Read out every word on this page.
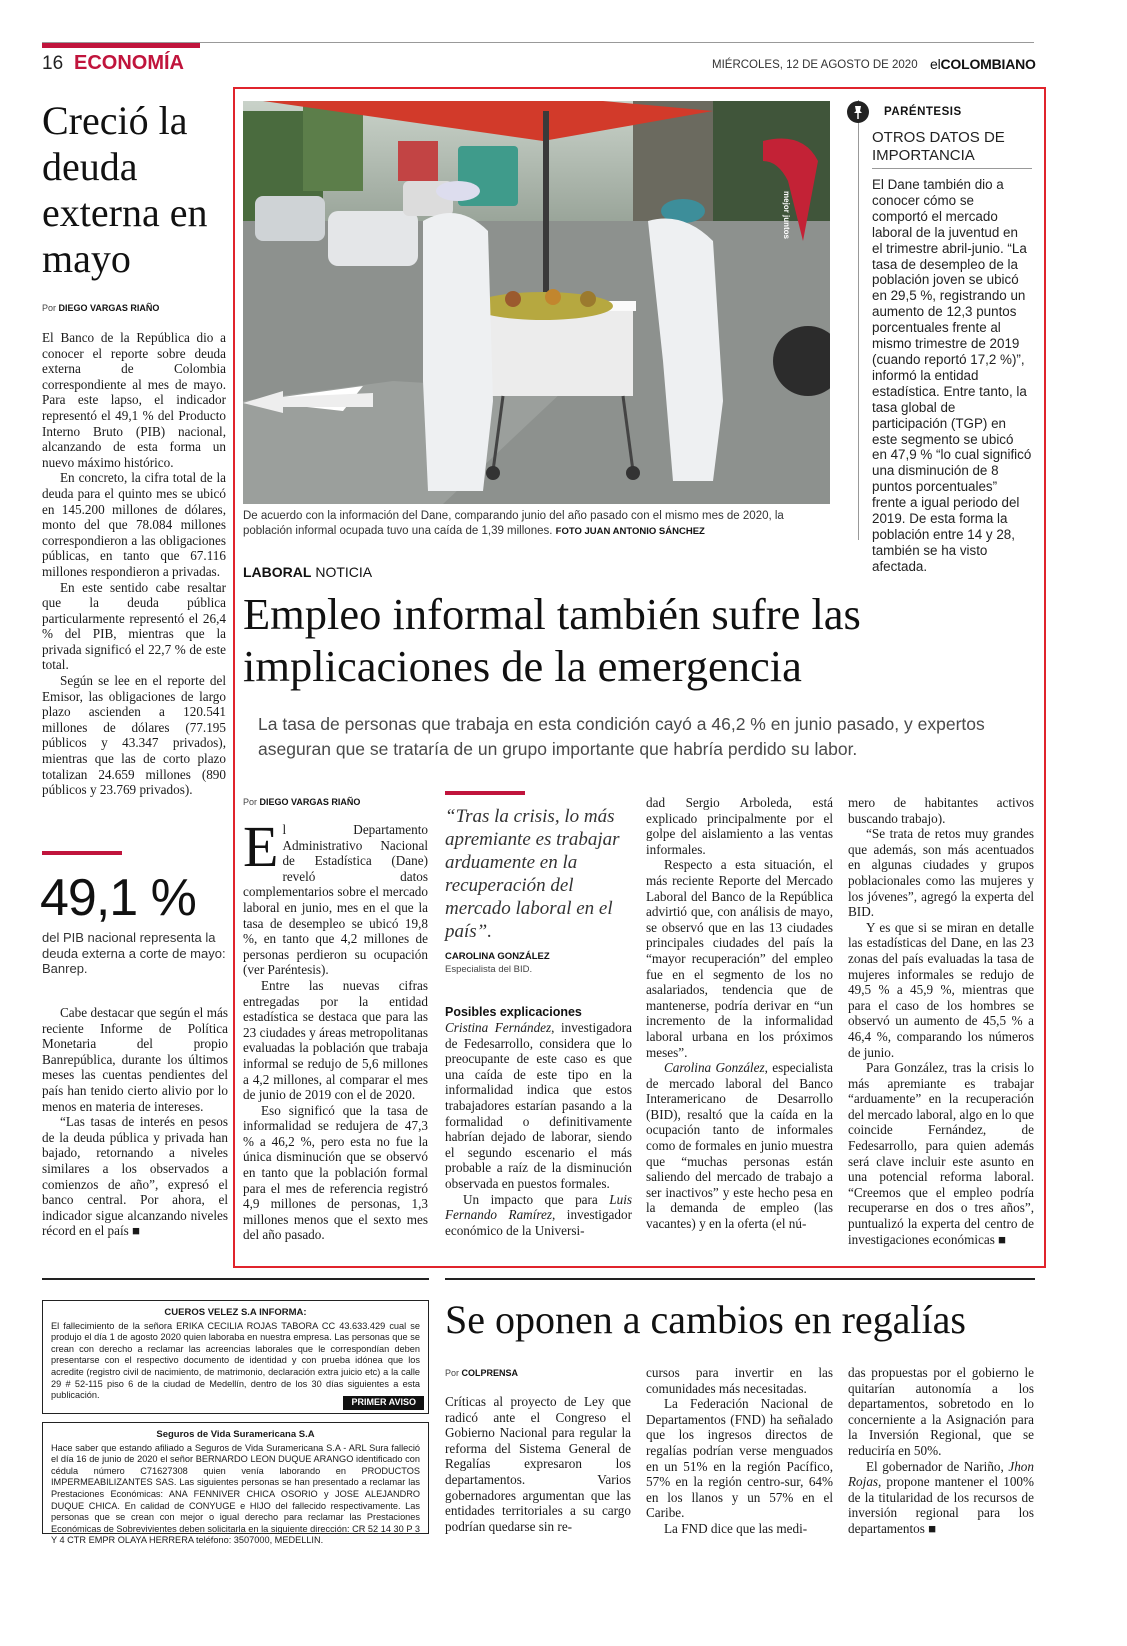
16 ECONOMÍA	MIÉRCOLES, 12 DE AGOSTO DE 2020 elCOLOMBIANO
Creció la deuda externa en mayo
Por DIEGO VARGAS RIAÑO

El Banco de la República dio a conocer el reporte sobre deuda externa de Colombia correspondiente al mes de mayo. Para este lapso, el indicador representó el 49,1 % del Producto Interno Bruto (PIB) nacional, alcanzando de esta forma un nuevo máximo histórico.

En concreto, la cifra total de la deuda para el quinto mes se ubicó en 145.200 millones de dólares, monto del que 78.084 millones correspondieron a las obligaciones públicas, en tanto que 67.116 millones respondieron a privadas.

En este sentido cabe resaltar que la deuda pública particularmente representó el 26,4 % del PIB, mientras que la privada significó el 22,7 % de este total.

Según se lee en el reporte del Emisor, las obligaciones de largo plazo ascienden a 120.541 millones de dólares (77.195 públicos y 43.347 privados), mientras que las de corto plazo totalizan 24.659 millones (890 públicos y 23.769 privados).

49,1 %
del PIB nacional representa la deuda externa a corte de mayo: Banrep.

Cabe destacar que según el más reciente Informe de Política Monetaria del propio Banrepública, durante los últimos meses las cuentas pendientes del país han tenido cierto alivio por lo menos en materia de intereses.

“Las tasas de interés en pesos de la deuda pública y privada han bajado, retornando a niveles similares a los observados a comienzos de año”, expresó el banco central. Por ahora, el indicador sigue alcanzando niveles récord en el país ■

mejor juntos
De acuerdo con la información del Dane, comparando junio del año pasado con el mismo mes de 2020, la población informal ocupada tuvo una caída de 1,39 millones. FOTO JUAN ANTONIO SÁNCHEZ
PARÉNTESIS
OTROS DATOS DE IMPORTANCIA
El Dane también dio a conocer cómo se comportó el mercado laboral de la juventud en el trimestre abril-junio. “La tasa de desempleo de la población joven se ubicó en 29,5 %, registrando un aumento de 12,3 puntos porcentuales frente al mismo trimestre de 2019 (cuando reportó 17,2 %)”, informó la entidad estadística. Entre tanto, la tasa global de participación (TGP) en este segmento se ubicó en 47,9 % “lo cual significó una disminución de 8 puntos porcentuales” frente a igual periodo del 2019. De esta forma la población entre 14 y 28, también se ha visto afectada.
LABORAL NOTICIA
Empleo informal también sufre las implicaciones de la emergencia
La tasa de personas que trabaja en esta condición cayó a 46,2 % en junio pasado, y expertos aseguran que se trataría de un grupo importante que habría perdido su labor.
Por DIEGO VARGAS RIAÑO

El Departamento Administrativo Nacional de Estadística (Dane) reveló datos complementarios sobre el mercado laboral en junio, mes en el que la tasa de desempleo se ubicó 19,8 %, en tanto que 4,2 millones de personas perdieron su ocupación (ver Paréntesis).

Entre las nuevas cifras entregadas por la entidad estadística se destaca que para las 23 ciudades y áreas metropolitanas evaluadas la población que trabaja informal se redujo de 5,6 millones a 4,2 millones, al comparar el mes de junio de 2019 con el de 2020.

Eso significó que la tasa de informalidad se redujera de 47,3 % a 46,2 %, pero esta no fue la única disminución que se observó en tanto que la población formal para el mes de referencia registró 4,9 millones de personas, 1,3 millones menos que el sexto mes del año pasado.

“Tras la crisis, lo más apremiante es trabajar arduamente en la recuperación del mercado laboral en el país”.
CAROLINA GONZÁLEZ
Especialista del BID.
Posibles explicaciones

Cristina Fernández, investigadora de Fedesarrollo, considera que lo preocupante de este caso es que una caída de este tipo en la informalidad indica que estos trabajadores estarían pasando a la formalidad o definitivamente habrían dejado de laborar, siendo el segundo escenario el más probable a raíz de la disminución observada en puestos formales.

Un impacto que para Luis Fernando Ramírez, investigador económico de la Universi-

dad Sergio Arboleda, está explicado principalmente por el golpe del aislamiento a las ventas informales.

Respecto a esta situación, el más reciente Reporte del Mercado Laboral del Banco de la República advirtió que, con análisis de mayo, se observó que en las 13 ciudades principales ciudades del país la “mayor recuperación” del empleo fue en el segmento de los no asalariados, tendencia que de mantenerse, podría derivar en “un incremento de la informalidad laboral urbana en los próximos meses”.

Carolina González, especialista de mercado laboral del Banco Interamericano de Desarrollo (BID), resaltó que la caída en la ocupación tanto de informales como de formales en junio muestra que “muchas personas están saliendo del mercado de trabajo a ser inactivos” y este hecho pesa en la demanda de empleo (las vacantes) y en la oferta (el nú-

mero de habitantes activos buscando trabajo).

“Se trata de retos muy grandes que además, son más acentuados en algunas ciudades y grupos poblacionales como las mujeres y los jóvenes”, agregó la experta del BID.

Y es que si se miran en detalle las estadísticas del Dane, en las 23 zonas del país evaluadas la tasa de mujeres informales se redujo de 49,5 % a 45,9 %, mientras que para el caso de los hombres se observó un aumento de 45,5 % a 46,4 %, comparando los números de junio.

Para González, tras la crisis lo más apremiante es trabajar “arduamente” en la recuperación del mercado laboral, algo en lo que coincide Fernández, de Fedesarrollo, para quien además será clave incluir este asunto en una potencial reforma laboral. “Creemos que el empleo podría recuperarse en dos o tres años”, puntualizó la experta del centro de investigaciones económicas ■

CUEROS VELEZ S.A INFORMA:
El fallecimiento de la señora ERIKA CECILIA ROJAS TABORA CC 43.633.429 cual se produjo el día 1 de agosto 2020 quien laboraba en nuestra empresa. Las personas que se crean con derecho a reclamar las acreencias laborales que le correspondían deben presentarse con el respectivo documento de identidad y con prueba idónea que los acredite (registro civil de nacimiento, de matrimonio, declaración extra juicio etc) a la calle 29 # 52-115 piso 6 de la ciudad de Medellín, dentro de los 30 días siguientes a esta publicación.
PRIMER AVISO
Seguros de Vida Suramericana S.A
Hace saber que estando afiliado a Seguros de Vida Suramericana S.A - ARL Sura falleció el día 16 de junio de 2020 el señor BERNARDO LEON DUQUE ARANGO identificado con cédula número C71627308 quien venía laborando en PRODUCTOS IMPERMEABILIZANTES SAS. Las siguientes personas se han presentado a reclamar las Prestaciones Económicas: ANA FENNIVER CHICA OSORIO y JOSE ALEJANDRO DUQUE CHICA. En calidad de CONYUGE e HIJO del fallecido respectivamente. Las personas que se crean con mejor o igual derecho para reclamar las Prestaciones Económicas de Sobrevivientes deben solicitarla en la siguiente dirección: CR 52 14 30 P 3 Y 4 CTR EMPR OLAYA HERRERA teléfono: 3507000, MEDELLIN.
Se oponen a cambios en regalías
Por COLPRENSA

Críticas al proyecto de Ley que radicó ante el Congreso el Gobierno Nacional para regular la reforma del Sistema General de Regalías expresaron los departamentos. Varios gobernadores argumentan que las entidades territoriales a su cargo podrían quedarse sin re-

cursos para invertir en las comunidades más necesitadas.

La Federación Nacional de Departamentos (FND) ha señalado que los ingresos directos de regalías podrían verse menguados en un 51% en la región Pacífico, 57% en la región centro-sur, 64% en los llanos y un 57% en el Caribe.

La FND dice que las medi-

das propuestas por el gobierno le quitarían autonomía a los departamentos, sobretodo en lo concerniente a la Asignación para la Inversión Regional, que se reduciría en 50%.

El gobernador de Nariño, Jhon Rojas, propone mantener el 100% de la titularidad de los recursos de inversión regional para los departamentos ■
